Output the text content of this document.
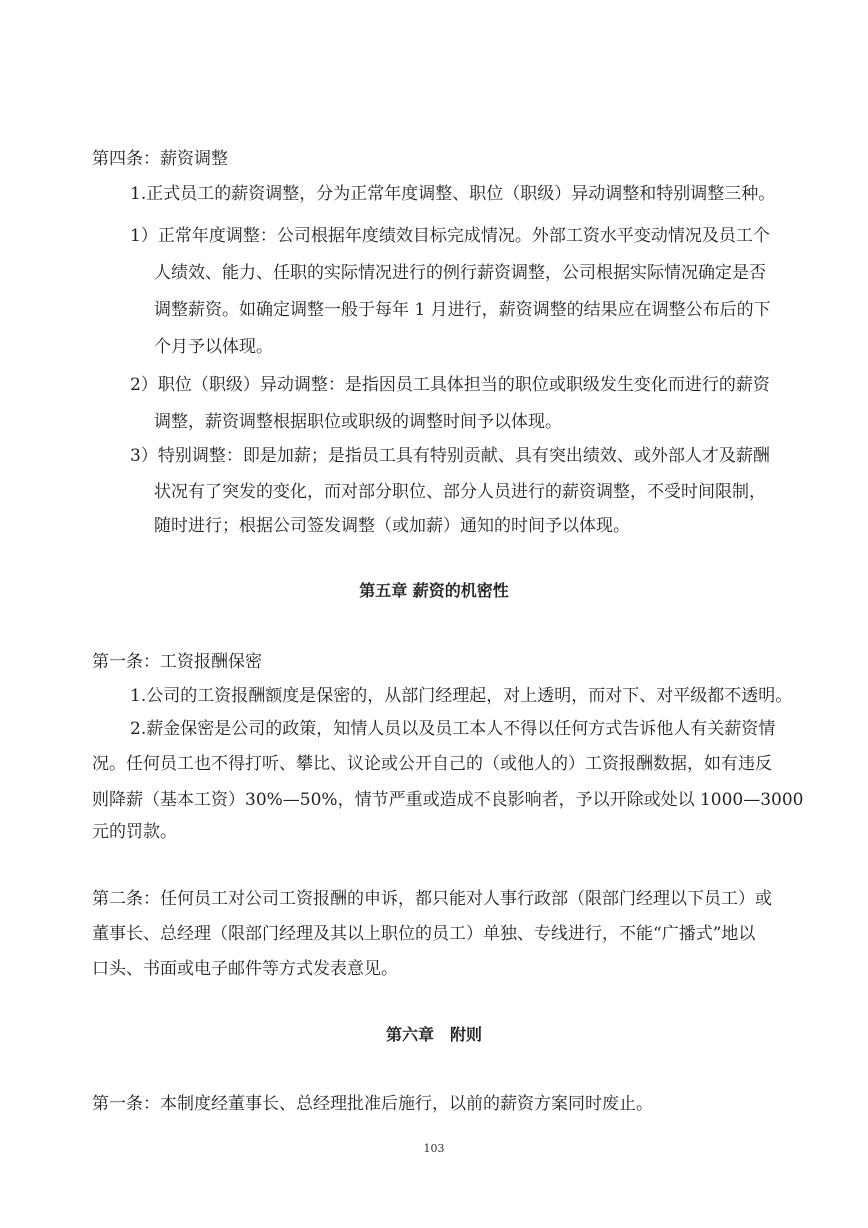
第四条：薪资调整
1.正式员工的薪资调整，分为正常年度调整、职位（职级）异动调整和特别调整三种。
1）正常年度调整：公司根据年度绩效目标完成情况。外部工资水平变动情况及员工个
人绩效、能力、任职的实际情况进行的例行薪资调整，公司根据实际情况确定是否
调整薪资。如确定调整一般于每年 1 月进行，薪资调整的结果应在调整公布后的下
个月予以体现。
2）职位（职级）异动调整：是指因员工具体担当的职位或职级发生变化而进行的薪资
调整，薪资调整根据职位或职级的调整时间予以体现。
3）特别调整：即是加薪；是指员工具有特别贡献、具有突出绩效、或外部人才及薪酬
状况有了突发的变化，而对部分职位、部分人员进行的薪资调整，不受时间限制，
随时进行；根据公司签发调整（或加薪）通知的时间予以体现。
第五章 薪资的机密性
第一条：工资报酬保密
1.公司的工资报酬额度是保密的，从部门经理起，对上透明，而对下、对平级都不透明。
2.薪金保密是公司的政策，知情人员以及员工本人不得以任何方式告诉他人有关薪资情
况。任何员工也不得打听、攀比、议论或公开自己的（或他人的）工资报酬数据，如有违反
则降薪（基本工资）30%—50%，情节严重或造成不良影响者，予以开除或处以 1000—3000
元的罚款。
第二条：任何员工对公司工资报酬的申诉，都只能对人事行政部（限部门经理以下员工）或
董事长、总经理（限部门经理及其以上职位的员工）单独、专线进行，不能“广播式”地以
口头、书面或电子邮件等方式发表意见。
第六章　附则
第一条：本制度经董事长、总经理批准后施行，以前的薪资方案同时废止。
103
